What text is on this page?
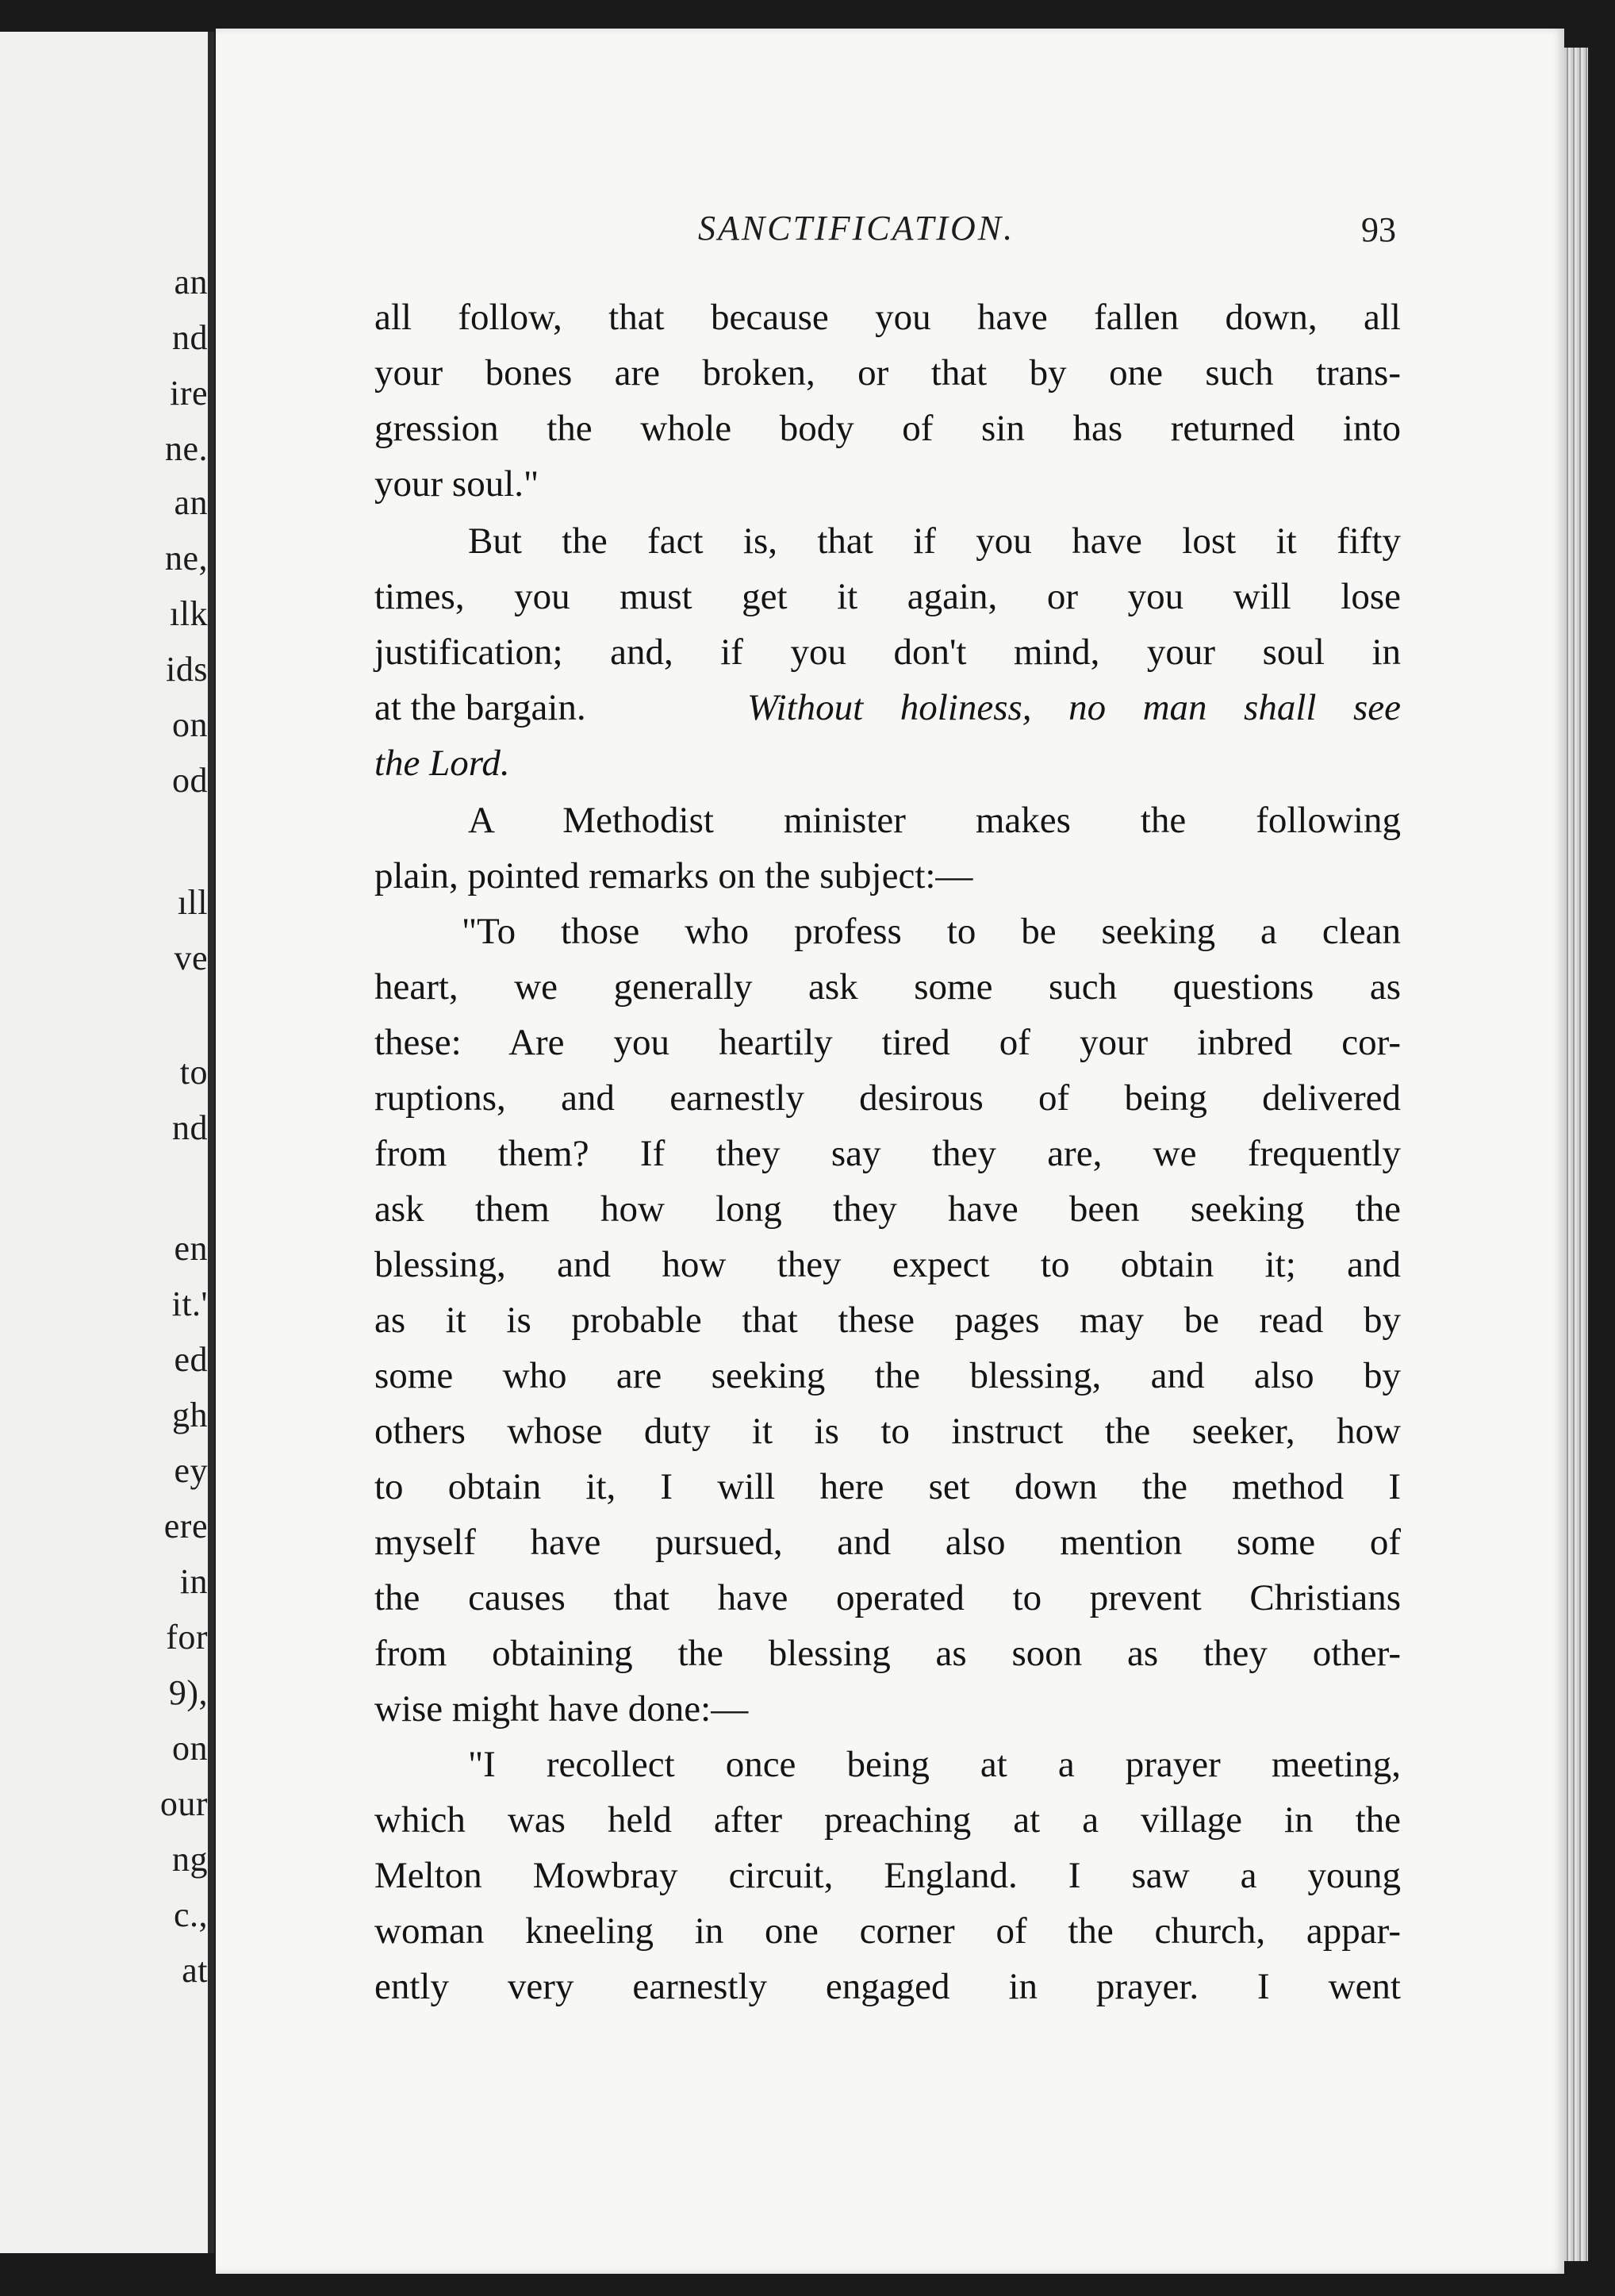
an
nd
ire
ne.
an
ne,
ılk
ids
on
od
ıll
ve
to
nd
en
it.'
ed
gh
ey
ere
in
for
9),
on
our
ng
c.,
at
SANCTIFICATION.	93
all follow, that because you have fallen down, all
your bones are broken, or that by one such trans-
gression the whole body of sin has returned into
your soul."
But the fact is, that if you have lost it fifty
times, you must get it again, or you will lose
justification; and, if you don't mind, your soul in
at the bargain.	Without holiness, no man shall see
the Lord.
A Methodist minister makes the following
plain, pointed remarks on the subject:—
"To those who profess to be seeking a clean
heart, we generally ask some such questions as
these: Are you heartily tired of your inbred cor-
ruptions, and earnestly desirous of being delivered
from them? If they say they are, we frequently
ask them how long they have been seeking the
blessing, and how they expect to obtain it; and
as it is probable that these pages may be read by
some who are seeking the blessing, and also by
others whose duty it is to instruct the seeker, how
to obtain it, I will here set down the method I
myself have pursued, and also mention some of
the causes that have operated to prevent Christians
from obtaining the blessing as soon as they other-
wise might have done:—
"I recollect once being at a prayer meeting,
which was held after preaching at a village in the
Melton Mowbray circuit, England. I saw a young
woman kneeling in one corner of the church, appar-
ently very earnestly engaged in prayer. I went
